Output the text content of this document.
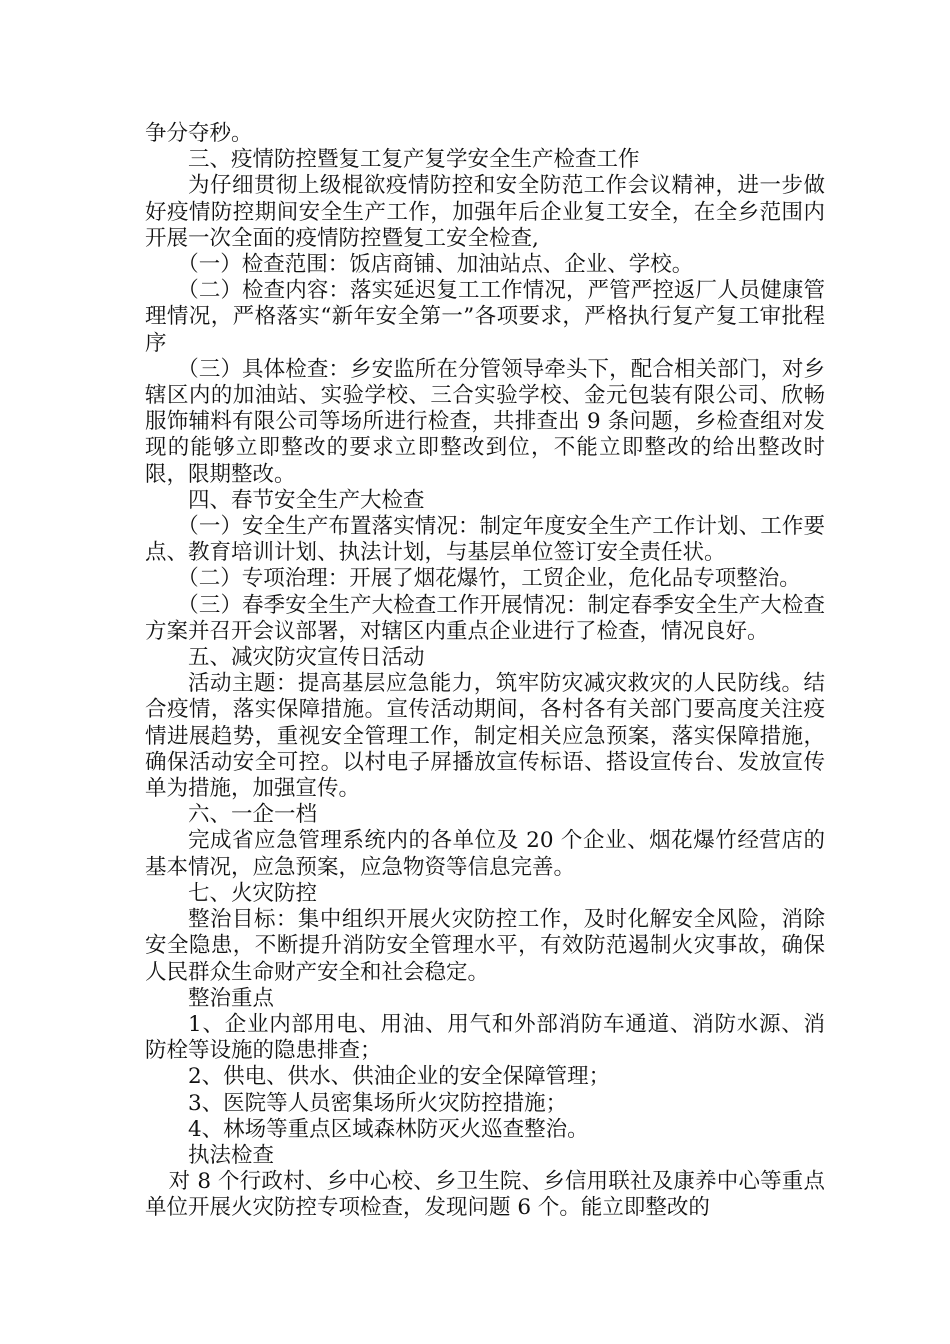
争分夺秒。

三、疫情防控暨复工复产复学安全生产检查工作

为仔细贯彻上级棍欲疫情防控和安全防范工作会议精神，进一步做好疫情防控期间安全生产工作，加强年后企业复工安全，在全乡范围内开展一次全面的疫情防控暨复工安全检查,

（一）检查范围：饭店商铺、加油站点、企业、学校。

（二）检查内容：落实延迟复工工作情况，严管严控返厂人员健康管理情况，严格落实“新年安全第一”各项要求，严格执行复产复工审批程序

（三）具体检查：乡安监所在分管领导牵头下，配合相关部门，对乡辖区内的加油站、实验学校、三合实验学校、金元包装有限公司、欣畅服饰辅料有限公司等场所进行检查，共排查出 9 条问题，乡检查组对发现的能够立即整改的要求立即整改到位，不能立即整改的给出整改时限，限期整改。

四、春节安全生产大检查

（一）安全生产布置落实情况：制定年度安全生产工作计划、工作要点、教育培训计划、执法计划，与基层单位签订安全责任状。

（二）专项治理：开展了烟花爆竹，工贸企业，危化品专项整治。

（三）春季安全生产大检查工作开展情况：制定春季安全生产大检查方案并召开会议部署，对辖区内重点企业进行了检查，情况良好。

五、减灾防灾宣传日活动

活动主题：提高基层应急能力，筑牢防灾减灾救灾的人民防线。结合疫情，落实保障措施。宣传活动期间，各村各有关部门要高度关注疫情进展趋势，重视安全管理工作，制定相关应急预案，落实保障措施，确保活动安全可控。以村电子屏播放宣传标语、搭设宣传台、发放宣传单为措施，加强宣传。

六、一企一档

完成省应急管理系统内的各单位及 20 个企业、烟花爆竹经营店的基本情况，应急预案，应急物资等信息完善。

七、火灾防控

整治目标：集中组织开展火灾防控工作，及时化解安全风险，消除安全隐患，不断提升消防安全管理水平，有效防范遏制火灾事故，确保人民群众生命财产安全和社会稳定。

整治重点

1、企业内部用电、用油、用气和外部消防车通道、消防水源、消防栓等设施的隐患排查；

2、供电、供水、供油企业的安全保障管理；

3、医院等人员密集场所火灾防控措施；

4、林场等重点区域森林防灭火巡查整治。

执法检查

对 8 个行政村、乡中心校、乡卫生院、乡信用联社及康养中心等重点单位开展火灾防控专项检查，发现问题 6 个。能立即整改的
